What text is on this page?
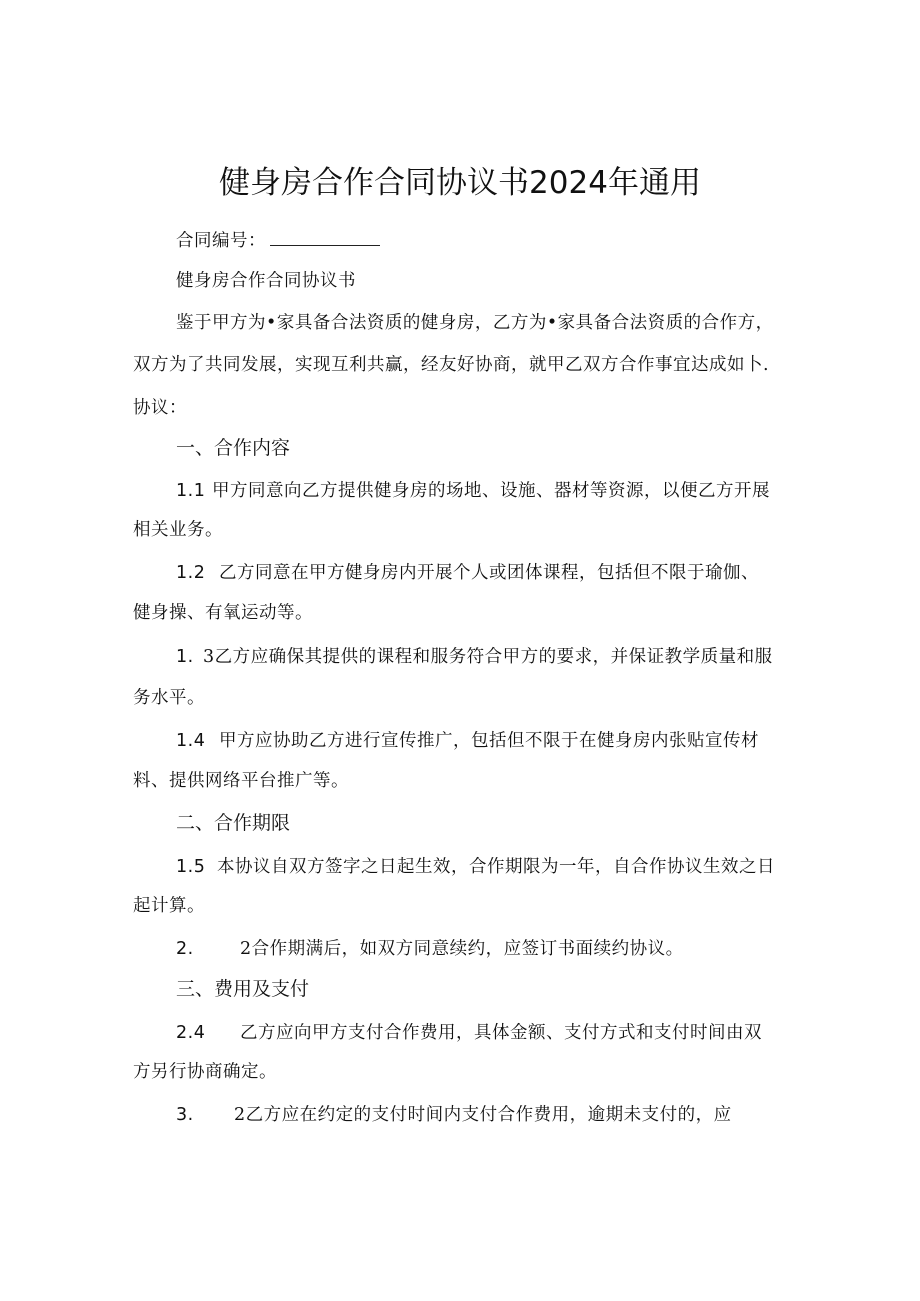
健身房合作合同协议书2024年通用
合同编号：
健身房合作合同协议书
鉴于甲方为•家具备合法资质的健身房，乙方为•家具备合法资质的合作方，
双方为了共同发展，实现互利共赢，经友好协商，就甲乙双方合作事宜达成如卜.
协议：
一、合作内容
1.1 甲方同意向乙方提供健身房的场地、设施、器材等资源，以便乙方开展
相关业务。
1.2 乙方同意在甲方健身房内开展个人或团体课程，包括但不限于瑜伽、
健身操、有氧运动等。
1. 3乙方应确保其提供的课程和服务符合甲方的要求，并保证教学质量和服
务水平。
1.4 甲方应协助乙方进行宣传推广，包括但不限于在健身房内张贴宣传材
料、提供网络平台推广等。
二、合作期限
1.5 本协议自双方签字之日起生效，合作期限为一年，自合作协议生效之日
起计算。
2.	2合作期满后，如双方同意续约，应签订书面续约协议。
三、费用及支付
2.4 乙方应向甲方支付合作费用，具体金额、支付方式和支付时间由双
方另行协商确定。
3. 2乙方应在约定的支付时间内支付合作费用，逾期未支付的，应
